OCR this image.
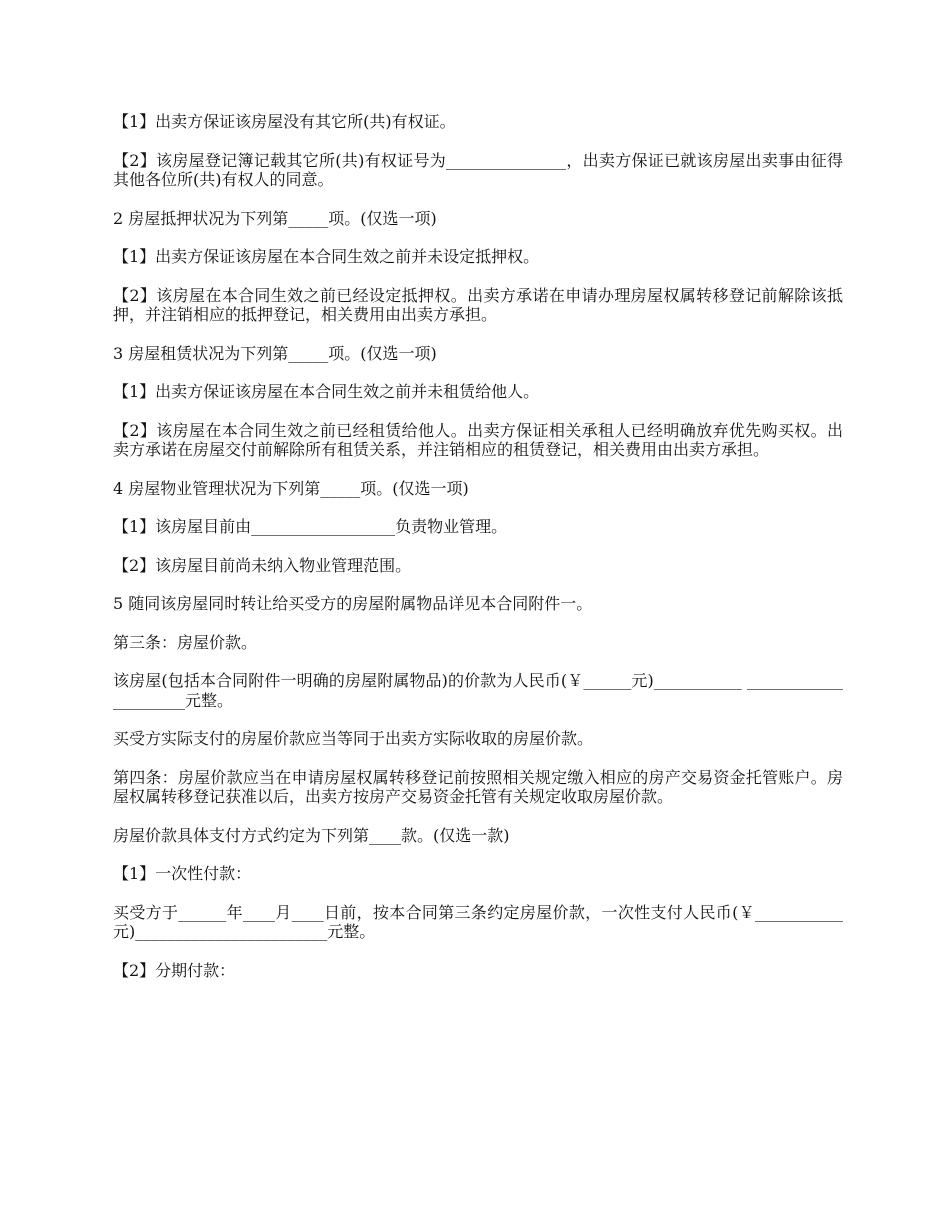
【1】出卖方保证该房屋没有其它所(共)有权证。

【2】该房屋登记簿记载其它所(共)有权证号为_______________，出卖方保证已就该房屋出卖事由征得其他各位所(共)有权人的同意。

2 房屋抵押状况为下列第_____项。(仅选一项)

【1】出卖方保证该房屋在本合同生效之前并未设定抵押权。

【2】该房屋在本合同生效之前已经设定抵押权。出卖方承诺在申请办理房屋权属转移登记前解除该抵押，并注销相应的抵押登记，相关费用由出卖方承担。

3 房屋租赁状况为下列第_____项。(仅选一项)

【1】出卖方保证该房屋在本合同生效之前并未租赁给他人。

【2】该房屋在本合同生效之前已经租赁给他人。出卖方保证相关承租人已经明确放弃优先购买权。出卖方承诺在房屋交付前解除所有租赁关系，并注销相应的租赁登记，相关费用由出卖方承担。

4 房屋物业管理状况为下列第_____项。(仅选一项)

【1】该房屋目前由__________________负责物业管理。

【2】该房屋目前尚未纳入物业管理范围。

5 随同该房屋同时转让给买受方的房屋附属物品详见本合同附件一。

第三条：房屋价款。

该房屋(包括本合同附件一明确的房屋附属物品)的价款为人民币(￥______元)___________ _____________________元整。

买受方实际支付的房屋价款应当等同于出卖方实际收取的房屋价款。

第四条：房屋价款应当在申请房屋权属转移登记前按照相关规定缴入相应的房产交易资金托管账户。房屋权属转移登记获准以后，出卖方按房产交易资金托管有关规定收取房屋价款。

房屋价款具体支付方式约定为下列第____款。(仅选一款)

【1】一次性付款：

买受方于______年____月____日前，按本合同第三条约定房屋价款，一次性支付人民币(￥___________元)________________________元整。

【2】分期付款：
